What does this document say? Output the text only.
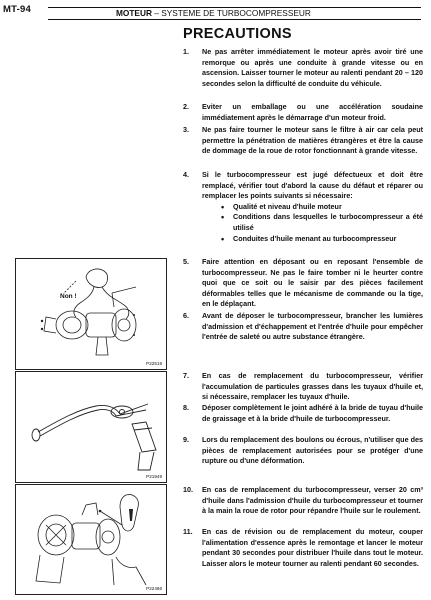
MT-94	MOTEUR – SYSTEME DE TURBOCOMPRESSEUR
PRECAUTIONS
1. Ne pas arrêter immédiatement le moteur après avoir tiré une remorque ou après une conduite à grande vitesse ou en ascension. Laisser tourner le moteur au ralenti pendant 20 – 120 secondes selon la difficulté de conduite du véhicule.
2. Eviter un emballage ou une accélération soudaine immédiatement après le démarrage d'un moteur froid.
3. Ne pas faire tourner le moteur sans le filtre à air car cela peut permettre la pénétration de matières étrangères et être la cause de dommage de la roue de rotor fonctionnant à grande vitesse.
4. Si le turbocompresseur est jugé défectueux et doit être remplacé, vérifier tout d'abord la cause du défaut et réparer ou remplacer les points suivants si nécessaire:
• Qualité et niveau d'huile moteur
• Conditions dans lesquelles le turbocompresseur a été utilisé
• Conduites d'huile menant au turbocompresseur
5. Faire attention en déposant ou en reposant l'ensemble de turbocompresseur. Ne pas le faire tomber ni le heurter contre quoi que ce soit ou le saisir par des pièces facilement déformables telles que le mécanisme de commande ou la tige, en le déplaçant.
6. Avant de déposer le turbocompresseur, brancher les lumières d'admission et d'échappement et l'entrée d'huile pour empêcher l'entrée de saleté ou autre substance étrangère.
7. En cas de remplacement du turbocompresseur, vérifier l'accumulation de particules grasses dans les tuyaux d'huile et, si nécessaire, remplacer les tuyaux d'huile.
8. Déposer complètement le joint adhéré à la bride de tuyau d'huile de graissage et à la bride d'huile de turbocompresseur.
9. Lors du remplacement des boulons ou écrous, n'utiliser que des pièces de remplacement autorisées pour se protéger d'une rupture ou d'une déformation.
10. En cas de remplacement du turbocompresseur, verser 20 cm³ d'huile dans l'admission d'huile du turbocompresseur et tourner à la main la roue de rotor pour répandre l'huile sur le roulement.
11. En cas de révision ou de remplacement du moteur, couper l'alimentation d'essence après le remontage et lancer le moteur pendant 30 secondes pour distribuer l'huile dans tout le moteur. Laisser alors le moteur tourner au ralenti pendant 60 secondes.
Non !
P22519
P21949
P22466
